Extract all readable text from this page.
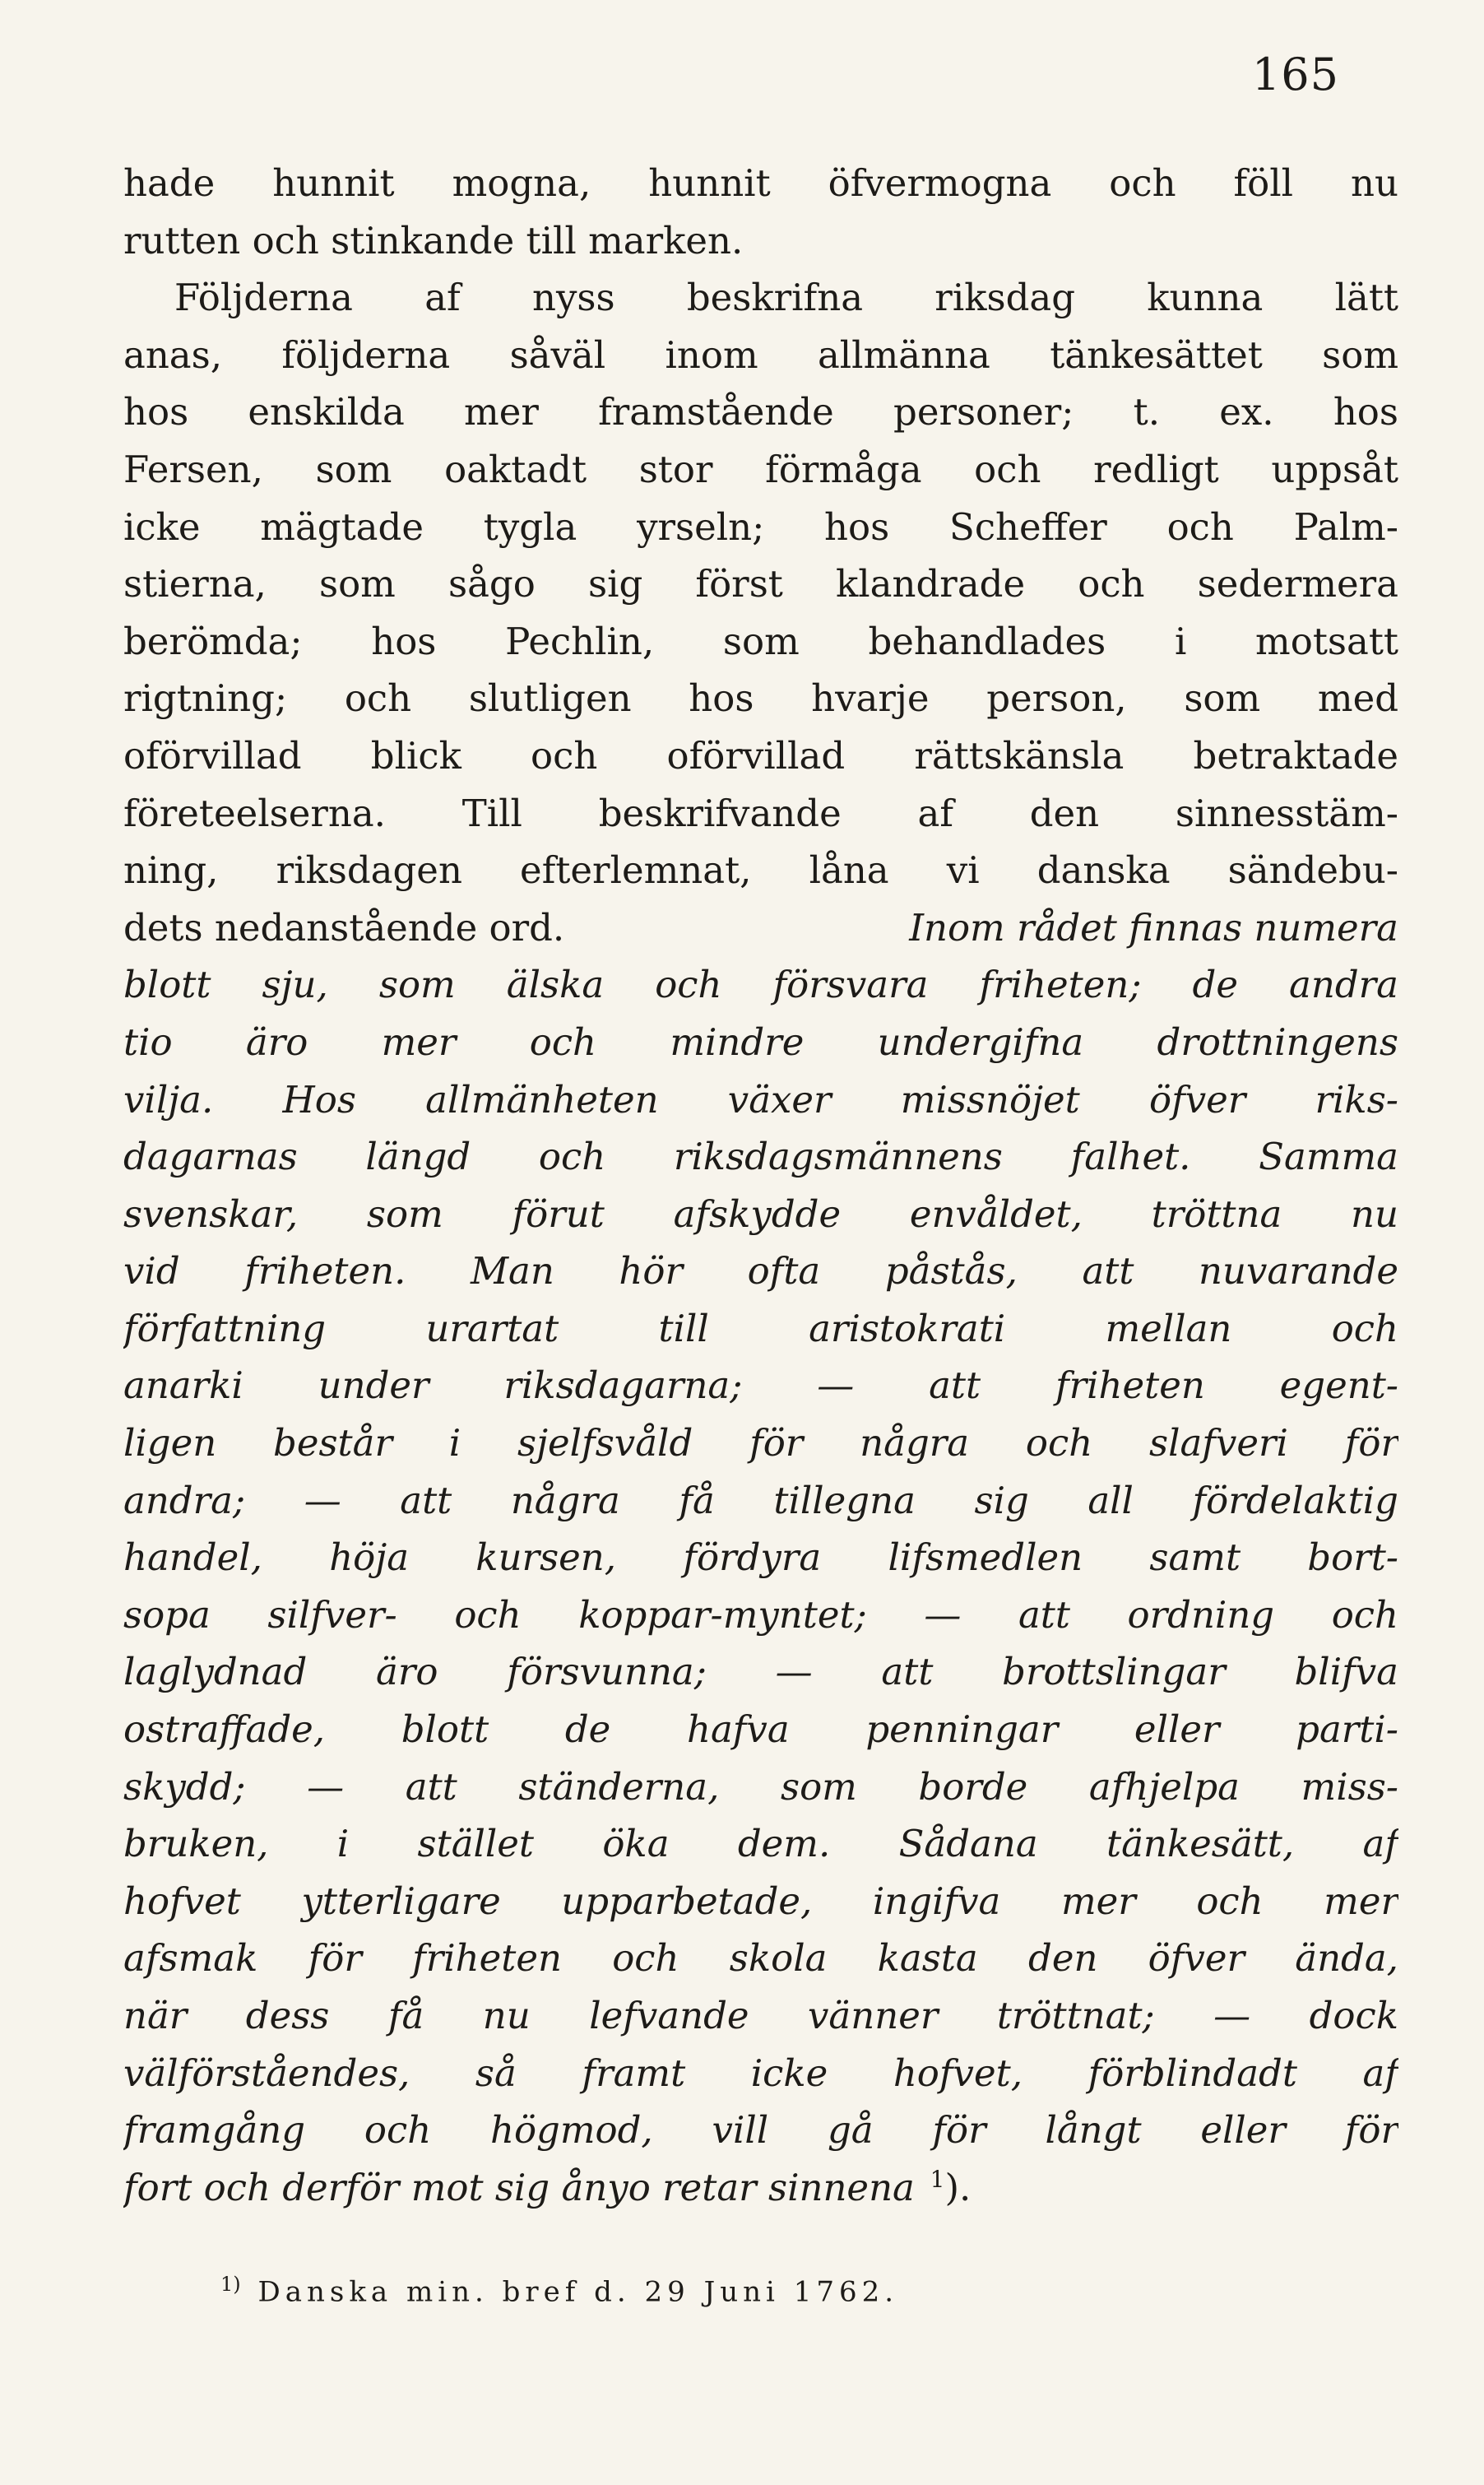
165
hade hunnit mogna, hunnit öfvermogna och föll nu
rutten och stinkande till marken.
Följderna af nyss beskrifna riksdag kunna lätt
anas, följderna såväl inom allmänna tänkesättet som
hos enskilda mer framstående personer; t. ex. hos
Fersen, som oaktadt stor förmåga och redligt uppsåt
icke mägtade tygla yrseln; hos Scheffer och Palm-
stierna, som sågo sig först klandrade och sedermera
berömda; hos Pechlin, som behandlades i motsatt
rigtning; och slutligen hos hvarje person, som med
oförvillad blick och oförvillad rättskänsla betraktade
företeelserna. Till beskrifvande af den sinnesstäm-
ning, riksdagen efterlemnat, låna vi danska sändebu-
dets nedanstående ord.	Inom rådet finnas numera
blott sju, som älska och försvara friheten; de andra
tio äro mer och mindre undergifna drottningens
vilja. Hos allmänheten växer missnöjet öfver riks-
dagarnas längd och riksdagsmännens falhet. Samma
svenskar, som förut afskydde envåldet, tröttna nu
vid friheten. Man hör ofta påstås, att nuvarande
författning urartat till aristokrati mellan och
anarki under riksdagarna; — att friheten egent-
ligen består i sjelfsvåld för några och slafveri för
andra; — att några få tillegna sig all fördelaktig
handel, höja kursen, fördyra lifsmedlen samt bort-
sopa silfver- och koppar-myntet; — att ordning och
laglydnad äro försvunna; — att brottslingar blifva
ostraffade, blott de hafva penningar eller parti-
skydd; — att ständerna, som borde afhjelpa miss-
bruken, i stället öka dem. Sådana tänkesätt, af
hofvet ytterligare upparbetade, ingifva mer och mer
afsmak för friheten och skola kasta den öfver ända,
när dess få nu lefvande vänner tröttnat; — dock
välförståendes, så framt icke hofvet, förblindadt af
framgång och högmod, vill gå för långt eller för
fort och derför mot sig ånyo retar sinnena   $^1$).
$^{1)}$ Danska min. bref d. 29 Juni 1762.
